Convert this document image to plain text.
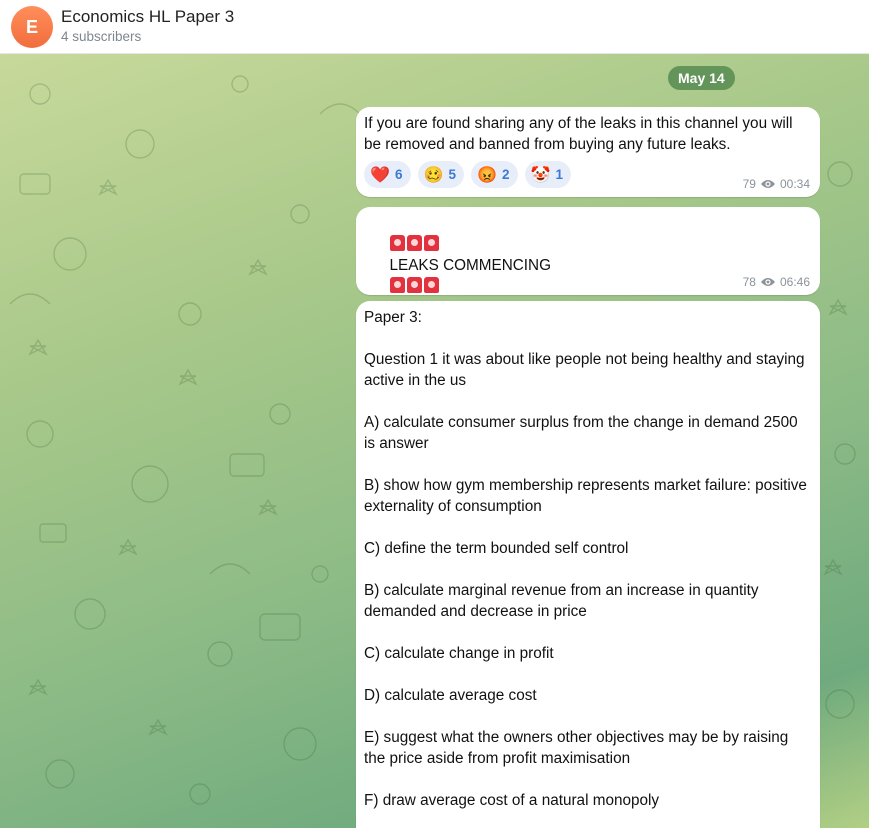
E
Economics HL Paper 3
4 subscribers
May 14
If you are found sharing any of the leaks in this channel you will be removed and banned from buying any future leaks.
❤️ 6 🥴 5 😡 2 🤡 1
79 00:34

LEAKS COMMENCING

78 06:46
Paper 3:

Question 1 it was about like people not being healthy and staying active in the us

A) calculate consumer surplus from the change in demand 2500 is answer

B) show how gym membership represents market failure: positive externality of consumption

C) define the term bounded self control

B) calculate marginal revenue from an increase in quantity demanded and decrease in price

C) calculate change in profit

D) calculate average cost

E) suggest what the owners other objectives may be by raising the price aside from profit maximisation

F) draw average cost of a natural monopoly
